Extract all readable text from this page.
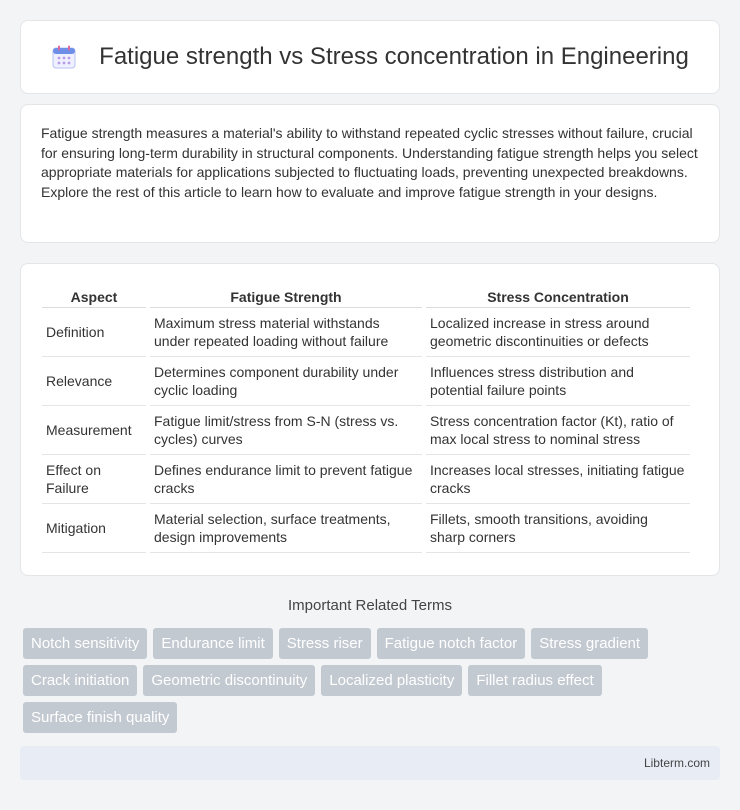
Fatigue strength vs Stress concentration in Engineering

Fatigue strength measures a material's ability to withstand repeated cyclic stresses without failure, crucial for ensuring long-term durability in structural components. Understanding fatigue strength helps you select appropriate materials for applications subjected to fluctuating loads, preventing unexpected breakdowns. Explore the rest of this article to learn how to evaluate and improve fatigue strength in your designs.

Aspect	Fatigue Strength	Stress Concentration
Definition	Maximum stress material withstands under repeated loading without failure	Localized increase in stress around geometric discontinuities or defects
Relevance	Determines component durability under cyclic loading	Influences stress distribution and potential failure points
Measurement	Fatigue limit/stress from S-N (stress vs. cycles) curves	Stress concentration factor (Kt), ratio of max local stress to nominal stress
Effect on Failure	Defines endurance limit to prevent fatigue cracks	Increases local stresses, initiating fatigue cracks
Mitigation	Material selection, surface treatments, design improvements	Fillets, smooth transitions, avoiding sharp corners
Important Related Terms
Notch sensitivity	Endurance limit	Stress riser	Fatigue notch factor	Stress gradient
Crack initiation	Geometric discontinuity	Localized plasticity	Fillet radius effect
Surface finish quality
Libterm.com
